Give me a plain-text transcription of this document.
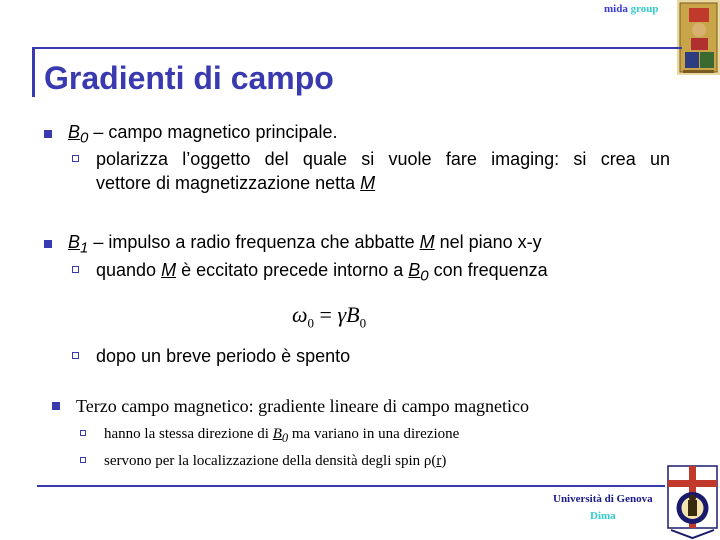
mida group
Gradienti di campo
$B_0$ – campo magnetico principale.
polarizza l’oggetto del quale si vuole fare imaging: si crea un
vettore di magnetizzazione netta M
$B_1$ – impulso a radio frequenza che abbatte M nel piano x-y
quando M è eccitato precede intorno a $B_0$ con frequenza
$\omega_0 = \gamma B_0$
dopo un breve periodo è spento
Terzo campo magnetico: gradiente lineare di campo magnetico
hanno la stessa direzione di $B_0$ ma variano in una direzione
servono per la localizzazione della densità degli spin ρ(r)
Università di Genova
Dima
